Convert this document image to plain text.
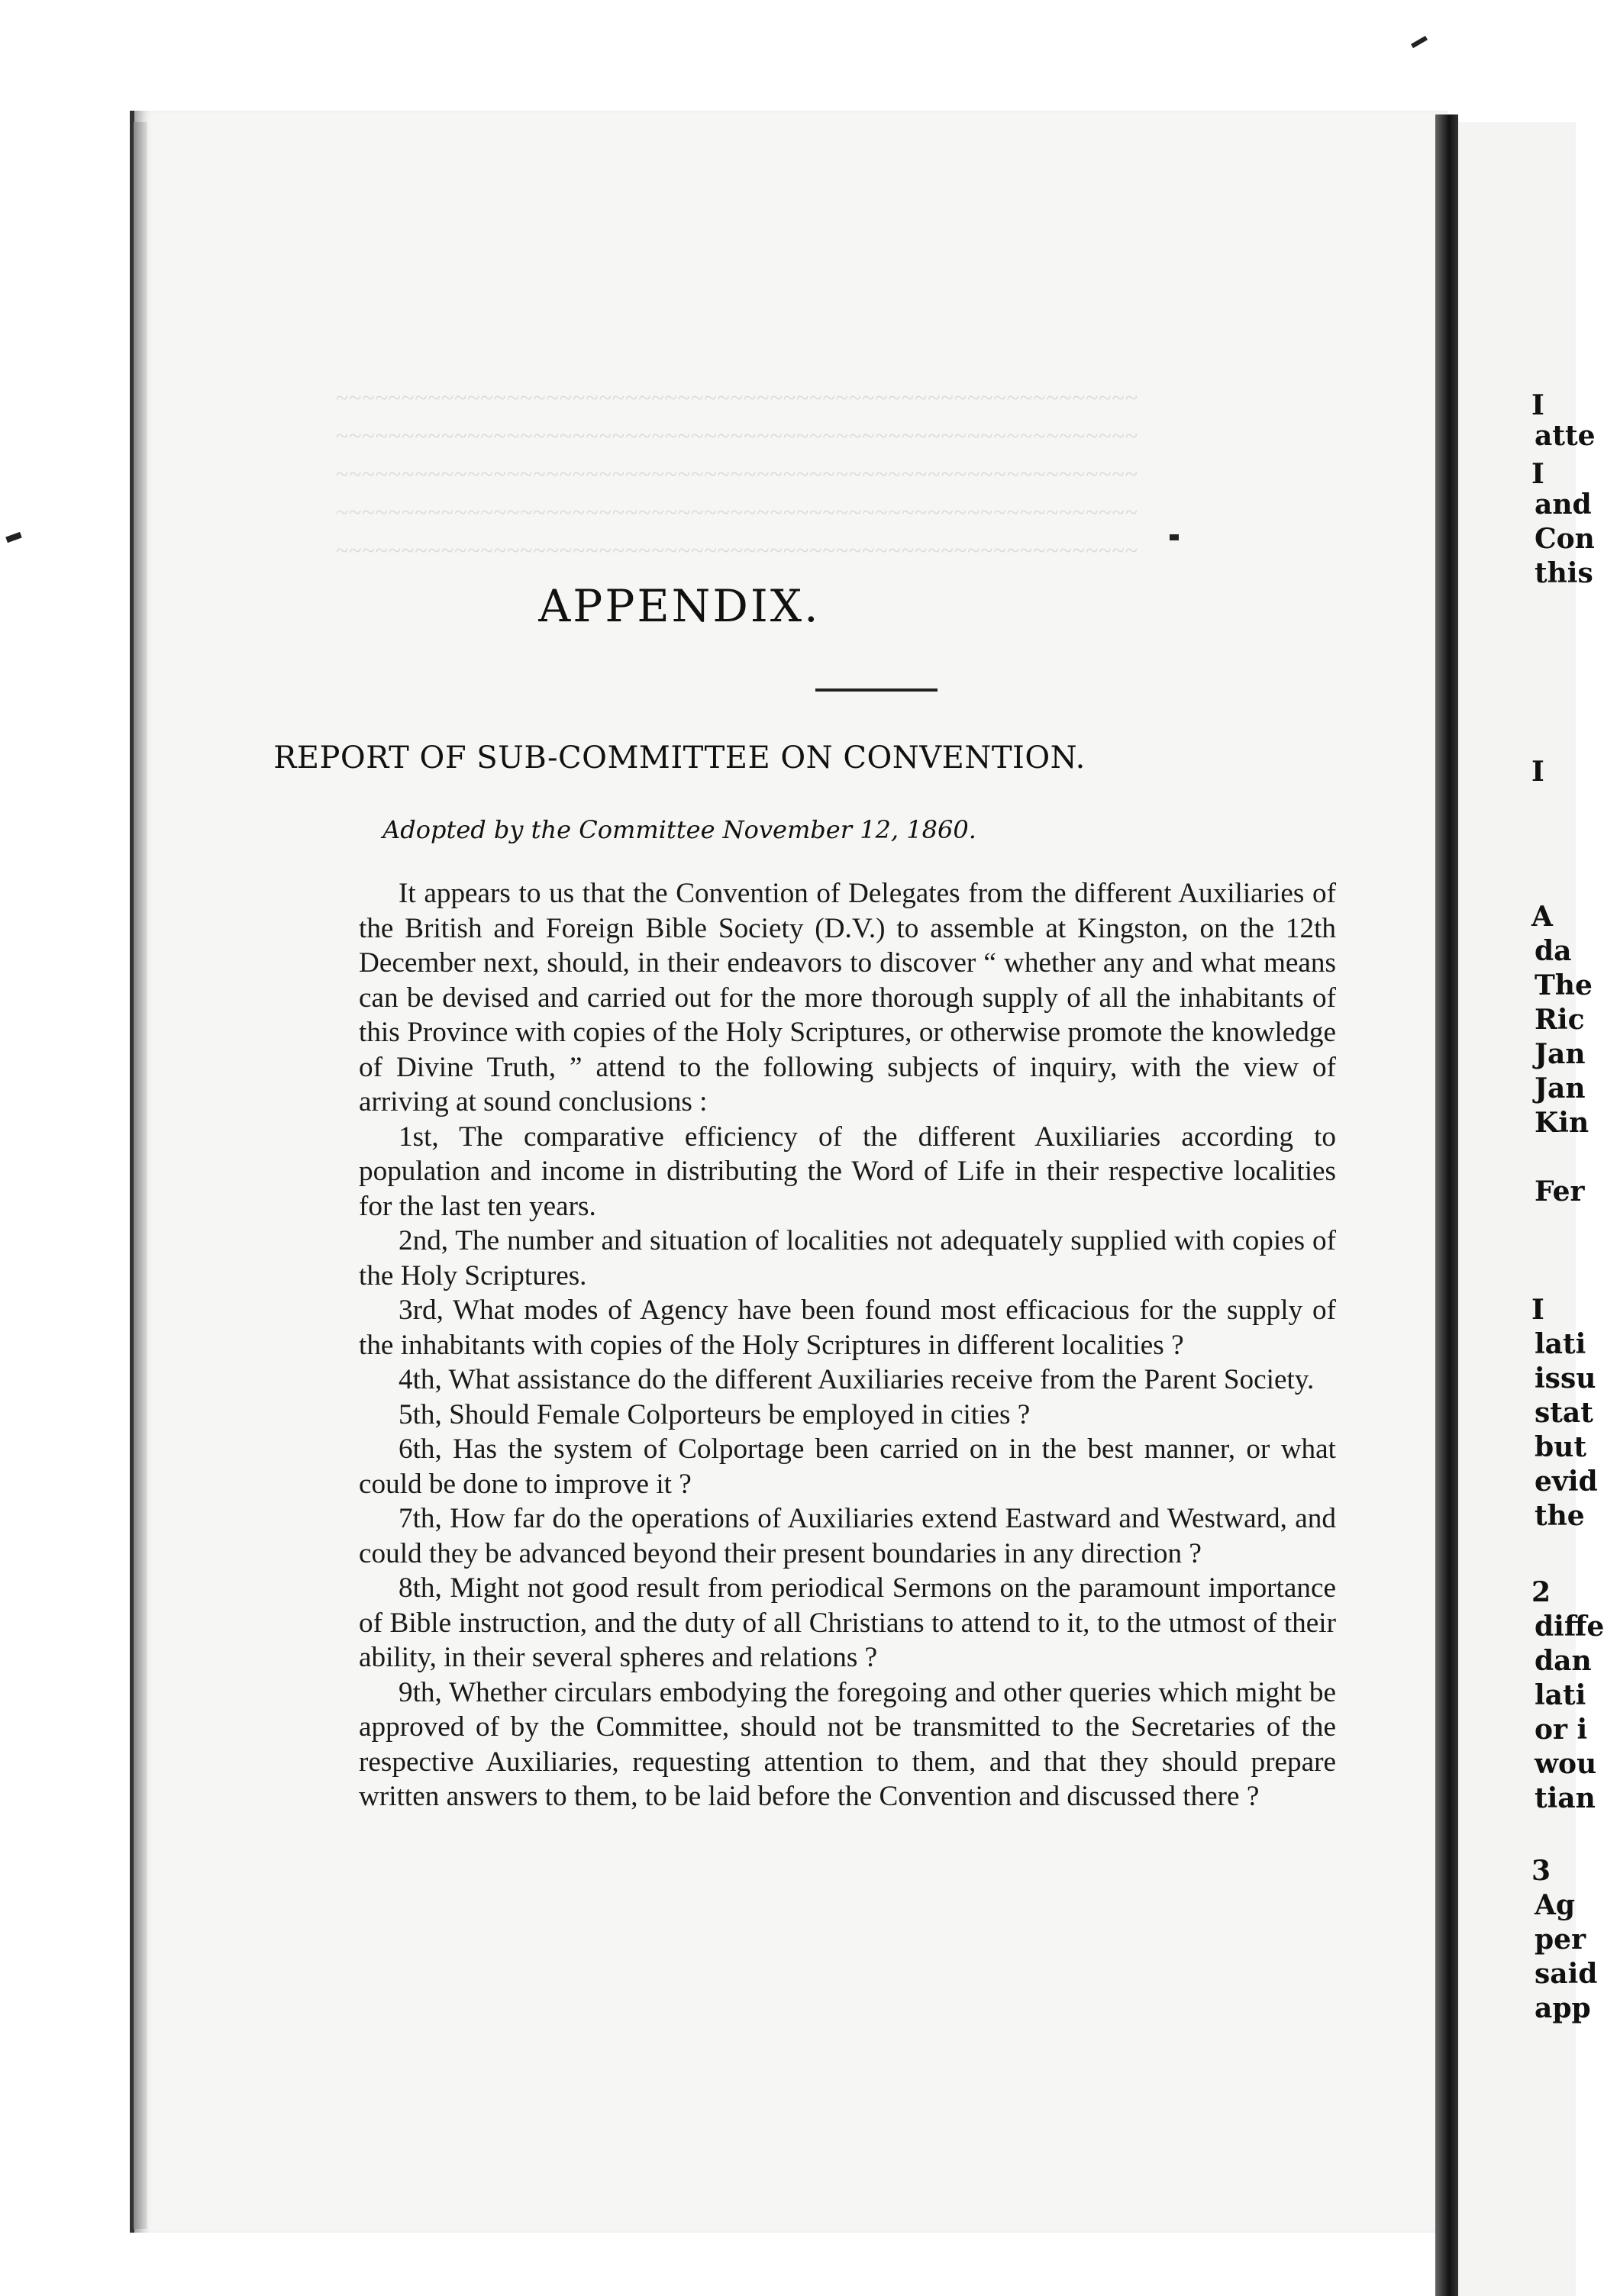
~~~~~~~~~~~~~~~~~~~~~~~~~~~~~~~~~~~~~~~~~~~~~~~~~~~~~~~~~~~~~
~~~~~~~~~~~~~~~~~~~~~~~~~~~~~~~~~~~~~~~~~~~~~~~~~~~~~~~~~~~~~
~~~~~~~~~~~~~~~~~~~~~~~~~~~~~~~~~~~~~~~~~~~~~~~~~~~~~~~~~~~~~
~~~~~~~~~~~~~~~~~~~~~~~~~~~~~~~~~~~~~~~~~~~~~~~~~~~~~~~~~~~~~
~~~~~~~~~~~~~~~~~~~~~~~~~~~~~~~~~~~~~~~~~~~~~~~~~~~~~~~~~~~~~
APPENDIX.
REPORT OF SUB-COMMITTEE ON CONVENTION.
Adopted by the Committee November 12, 1860.

It appears to us that the Convention of Delegates from the different Auxiliaries of the British and Foreign Bible Society (D.V.) to assemble at Kingston, on the 12th December next, should, in their endeavors to discover “ whether any and what means can be devised and carried out for the more thorough supply of all the inhabitants of this Province with copies of the Holy Scriptures, or otherwise promote the knowledge of Divine Truth, ” attend to the following subjects of inquiry, with the view of arriving at sound conclusions :

1st, The comparative efficiency of the different Auxiliaries according to population and income in distributing the Word of Life in their respective localities for the last ten years.

2nd, The number and situation of localities not adequately supplied with copies of the Holy Scriptures.

3rd, What modes of Agency have been found most efficacious for the supply of the inhabitants with copies of the Holy Scriptures in different localities ?

4th, What assistance do the different Auxiliaries receive from the Parent Society.

5th, Should Female Colporteurs be employed in cities ?

6th, Has the system of Colportage been carried on in the best manner, or what could be done to improve it ?

7th, How far do the operations of Auxiliaries extend Eastward and Westward, and could they be advanced beyond their present boundaries in any direction ?

8th, Might not good result from periodical Sermons on the paramount importance of Bible instruction, and the duty of all Christians to attend to it, to the utmost of their ability, in their several spheres and relations ?

9th, Whether circulars embodying the foregoing and other queries which might be approved of by the Committee, should not be transmitted to the Secretaries of the respective Auxiliaries, requesting attention to them, and that they should prepare written answers to them, to be laid before the Convention and discussed there ?

I
atte
I
and
Con
this
I
A
da
The
Ric
Jan
Jan
Kin
Fer
I
lati
issu
stat
but
evid
the
2
diffe
dan
lati
or i
wou
tian
3
Ag
per
said
app
